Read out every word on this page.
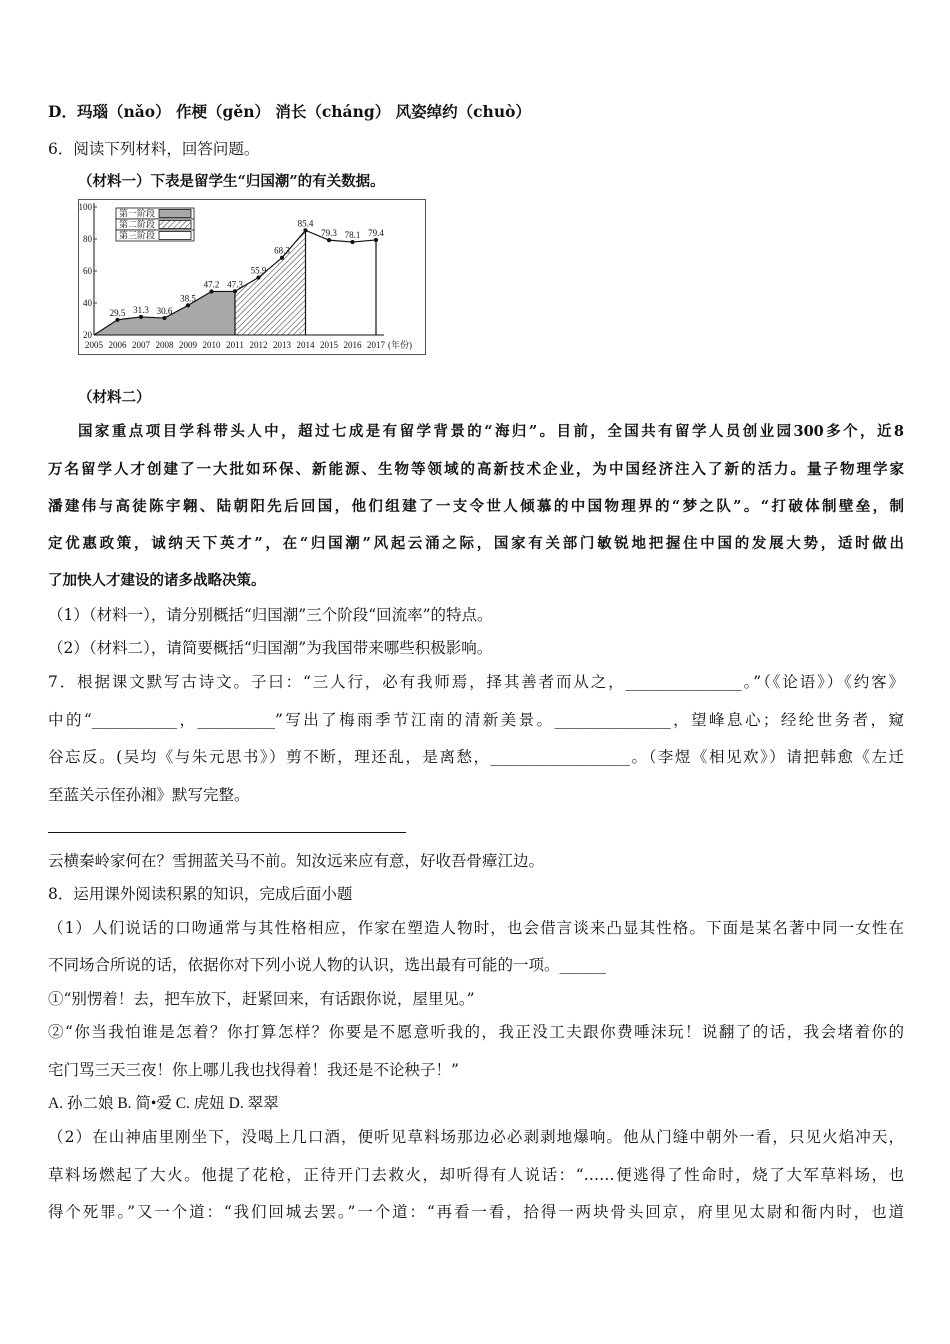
D．玛瑙（nǎo） 作梗（gěn） 消长（cháng） 风姿绰约（chuò）
6．阅读下列材料，回答问题。
（材料一）下表是留学生“归国潮”的有关数据。
20
40
60
80
100
2005 2006 2007 2008 2009 2010 2011 2012 2013 2014 2015 2016 2017 (年份)
29.5 31.3 30.6
38.5
47.2 47.3
55.9
68.3
85.4
79.3 78.1 79.4
第一阶段
第二阶段
第三阶段
（材料二）
国家重点项目学科带头人中，超过七成是有留学背景的“海归”。目前，全国共有留学人员创业园300多个，近8
万名留学人才创建了一大批如环保、新能源、生物等领域的高新技术企业，为中国经济注入了新的活力。量子物理学家
潘建伟与高徒陈宇翱、陆朝阳先后回国，他们组建了一支令世人倾慕的中国物理界的“梦之队”。“打破体制壁垒，制
定优惠政策，诚纳天下英才”，在“归国潮”风起云涌之际，国家有关部门敏锐地把握住中国的发展大势，适时做出
了加快人才建设的诸多战略决策。
（1）（材料一），请分别概括“归国潮”三个阶段“回流率”的特点。
（2）（材料二），请简要概括“归国潮”为我国带来哪些积极影响。
7．根据课文默写古诗文。子曰：“三人行，必有我师焉，择其善者而从之，_______________。”（《论语》）《约客》
中的“___________，__________”写出了梅雨季节江南的清新美景。_______________，望峰息心；经纶世务者，窥
谷忘反。(吴均《与朱元思书》）剪不断，理还乱，是离愁，__________________。（李煜《相见欢》）请把韩愈《左迁
至蓝关示侄孙湘》默写完整。
云横秦岭家何在？雪拥蓝关马不前。知汝远来应有意，好收吾骨瘴江边。
8．运用课外阅读积累的知识，完成后面小题
（1）人们说话的口吻通常与其性格相应，作家在塑造人物时，也会借言谈来凸显其性格。下面是某名著中同一女性在
不同场合所说的话，依据你对下列小说人物的认识，选出最有可能的一项。______
①“别愣着！去，把车放下，赶紧回来，有话跟你说，屋里见。”
②“你当我怕谁是怎着？你打算怎样？你要是不愿意听我的，我正没工夫跟你费唾沫玩！说翻了的话，我会堵着你的
宅门骂三天三夜！你上哪儿我也找得着！我还是不论秧子！”
A. 孙二娘 B. 简•爱 C. 虎妞 D. 翠翠
（2）在山神庙里刚坐下，没喝上几口酒，便听见草料场那边必必剥剥地爆响。他从门缝中朝外一看，只见火焰冲天，
草料场燃起了大火。他提了花枪，正待开门去救火，却听得有人说话：“……便逃得了性命时，烧了大军草料场，也
得个死罪。”又一个道：“我们回城去罢。”一个道：“再看一看，拾得一两块骨头回京，府里见太尉和衙内时，也道
